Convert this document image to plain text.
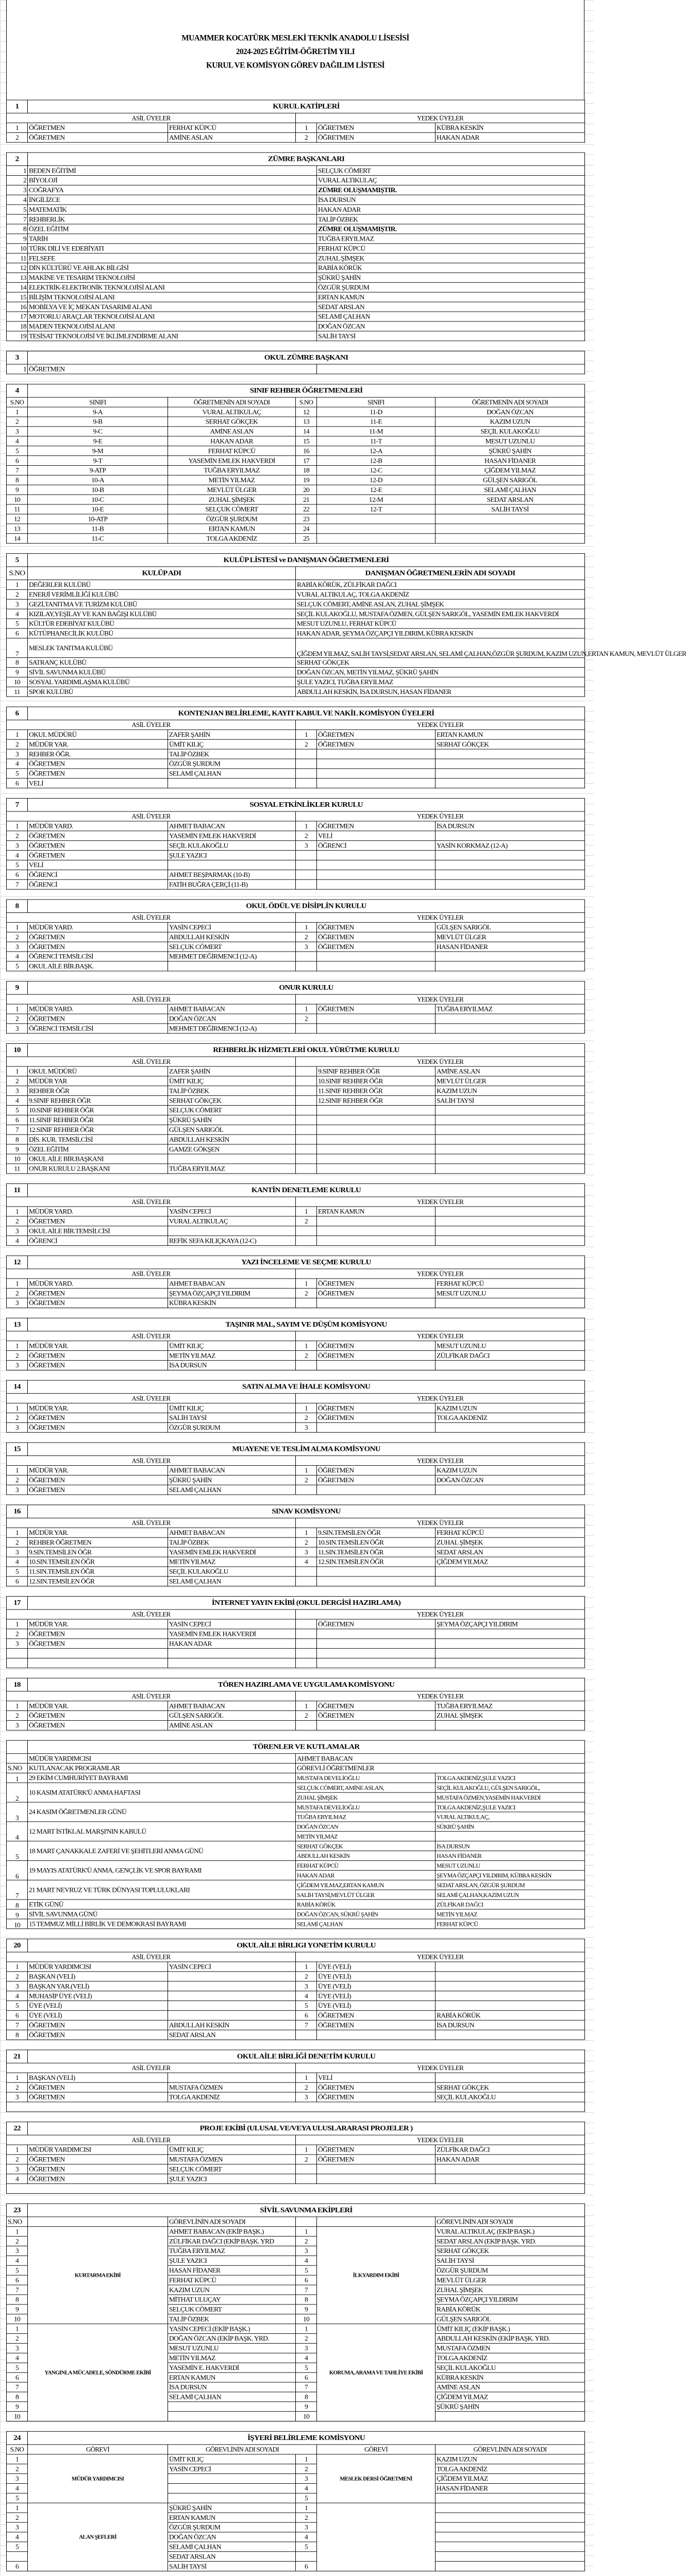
MUAMMER KOCATÜRK MESLEKİ TEKNİK ANADOLU LİSESİSİ
2024-2025 EĞİTİM-ÖĞRETİM YILI
KURUL VE KOMİSYON GÖREV DAĞILIM LİSTESİ
1	KURUL KATİPLERİ				
ASİL ÜYELER			YEDEK ÜYELER		
1	ÖĞRETMEN	FERHAT KÜPCÜ	1	ÖĞRETMEN	KÜBRA KESKİN
2	ÖĞRETMEN	AMİNE ASLAN	2	ÖĞRETMEN	HAKAN ADAR
2	ZÜMRE BAŞKANLARI	
1	BEDEN EĞİTİMİ	SELÇUK CÖMERT
2	BİYOLOJİ	VURAL ALTIKULAÇ
3	COĞRAFYA	ZÜMRE OLUŞMAMIŞTIR.
4	İNGİLİZCE	İSA DURSUN
5	MATEMATİK	HAKAN ADAR
7	REHBERLİK	TALİP ÖZBEK
8	ÖZEL EĞİTİM	ZÜMRE OLUŞMAMIŞTIR.
9	TARİH	TUĞBA ERYILMAZ
10	TÜRK DİLİ VE EDEBİYATI	FERHAT KÜPCÜ
11	FELSEFE	ZUHAL ŞİMŞEK
12	DİN KÜLTÜRÜ VE AHLAK BİLGİSİ	RABİA KÖRÜK
13	MAKİNE VE TESARIM TEKNOLOJİSİ	ŞÜKRÜ ŞAHİN
14	ELEKTRİK-ELEKTRONİK TEKNOLOJİSİ ALANI	ÖZGÜR ŞURDUM
15	BİLİŞİM TEKNOLOJİSİ ALANI	ERTAN KAMUN
16	MOBİLYA VE İÇ MEKAN TASARIMI ALANI	SEDAT ARSLAN
17	MOTORLU ARAÇLAR TEKNOLOJİSİ ALANI	SELAMİ ÇALHAN
18	MADEN TEKNOLOJİSİ ALANI	DOĞAN ÖZCAN
19	TESİSAT TEKNOLOJİSİ VE İKLİMLENDİRME ALANI	SALİH TAYSİ
3	OKUL ZÜMRE BAŞKANI	
1	ÖĞRETMEN	
4	SINIF REHBER ÖĞRETMENLERİ				
S.NO	SINIFI	ÖĞRETMENİN ADI SOYADI	S.NO	SINIFI	ÖĞRETMENİN ADI SOYADI
1	9-A	VURAL ALTIKULAÇ	12	11-D	DOĞAN ÖZCAN
2	9-B	SERHAT GÖKÇEK	13	11-E	KAZIM UZUN
3	9-C	AMİNE ASLAN	14	11-M	SEÇİL KULAKOĞLU
4	9-E	HAKAN ADAR	15	11-T	MESUT UZUNLU
5	9-M	FERHAT KÜPCÜ	16	12-A	ŞÜKRÜ ŞAHİN
6	9-T	YASEMİN EMLEK HAKVERDİ	17	12-B	HASAN FİDANER
7	9-ATP	TUĞBA ERYILMAZ	18	12-C	ÇİĞDEM YILMAZ
8	10-A	METİN YILMAZ	19	12-D	GÜLŞEN SARIGÖL
9	10-B	MEVLÜT ÜLGER	20	12-E	SELAMİ ÇALHAN
10	10-C	ZUHAL ŞİMŞEK	21	12-M	SEDAT ARSLAN
11	10-E	SELÇUK CÖMERT	22	12-T	SALİH TAYSİ
12	10-ATP	ÖZGÜR ŞURDUM	23		
13	11-B	ERTAN KAMUN	24		
14	11-C	TOLGA AKDENİZ	25		
5	KULÜP LİSTESİ ve DANIŞMAN ÖĞRETMENLERİ	
S.NO	KULÜP ADI	DANIŞMAN ÖĞRETMENLERİN ADI SOYADI
1	DEĞERLER KULÜBÜ	RABİA KÖRÜK, ZÜLFİKAR DAĞCI
2	ENERJİ VERİMLİLİĞİ KULÜBÜ	VURAL ALTIKULAÇ, TOLGA AKDENİZ
3	GEZİ,TANITMA VE TURİZM KULÜBÜ	SELÇUK CÖMERT, AMİNE ASLAN, ZUHAL ŞİMŞEK
4	KIZILAY,YEŞİLAY VE KAN BAĞIŞI KULÜBÜ	SEÇİL KULAKOĞLU, MUSTAFA ÖZMEN, GÜLŞEN SARIGÖL, YASEMİN EMLEK HAKVERDİ
5	KÜLTÜR EDEBİYAT KULÜBÜ	MESUT UZUNLU, FERHAT KÜPCÜ
6	KÜTÜPHANECİLİK KULÜBÜ	HAKAN ADAR, ŞEYMA ÖZÇAPÇI YILDIRIM, KÜBRA KESKİN
7	MESLEK TANITMA KULÜBÜ	ÇİĞDEM YILMAZ, SALİH TAYSİ,SEDAT ARSLAN, SELAMİ ÇALHAN,ÖZGÜR ŞURDUM, KAZIM UZUN,ERTAN KAMUN, MEVLÜT ÜLGER
8	SATRANÇ KULÜBÜ	SERHAT GÖKÇEK
9	SİVİL SAVUNMA KULÜBÜ	DOĞAN ÖZCAN, METİN YILMAZ, ŞÜKRÜ ŞAHİN
10	SOSYAL YARDIMLAŞMA KULÜBÜ	ŞULE YAZICI, TUĞBA ERYILMAZ
11	SPOR KULÜBÜ	ABDULLAH KESKİN, İSA DURSUN, HASAN FİDANER
6	KONTENJAN BELİRLEME, KAYIT KABUL VE NAKİL KOMİSYON ÜYELERİ				
ASİL ÜYELER			YEDEK ÜYELER		
1	OKUL MÜDÜRÜ	ZAFER ŞAHİN	1	ÖĞRETMEN	ERTAN KAMUN
2	MÜDÜR YAR.	ÜMİT KILIÇ	2	ÖĞRETMEN	SERHAT GÖKÇEK
3	REHBER ÖĞR.	TALİP ÖZBEK			
4	ÖĞRETMEN	ÖZGÜR ŞURDUM			
5	ÖĞRETMEN	SELAMİ ÇALHAN			
6	VELİ				
7	SOSYAL ETKİNLİKLER KURULU				
ASİL ÜYELER			YEDEK ÜYELER		
1	MÜDÜR YARD.	AHMET BABACAN	1	ÖĞRETMEN	İSA DURSUN
2	ÖĞRETMEN	YASEMİN EMLEK HAKVERDİ	2	VELİ	
3	ÖĞRETMEN	SEÇİL KULAKOĞLU	3	ÖĞRENCİ	YASİN KORKMAZ (12-A)
4	ÖĞRETMEN	ŞULE YAZICI			
5	VELİ				
6	ÖĞRENCİ	AHMET BEŞPARMAK (10-B)			
7	ÖĞRENCİ	FATİH BUĞRA ÇERÇİ (11-B)			
8	OKUL ÖDÜL VE DİSİPLİN KURULU				
ASİL ÜYELER			YEDEK ÜYELER		
1	MÜDÜR YARD.	YASİN CEPECİ	1	ÖĞRETMEN	GÜLŞEN SARIGÖL
2	ÖĞRETMEN	ABDULLAH KESKİN	2	ÖĞRETMEN	MEVLÜT ÜLGER
3	ÖĞRETMEN	SELÇUK CÖMERT	3	ÖĞRETMEN	HASAN FİDANER
4	ÖĞRENCİ TEMSİLCİSİ	MEHMET DEĞİRMENCİ (12-A)			
5	OKUL AİLE BİR.BAŞK.				
9	ONUR KURULU				
ASİL ÜYELER			YEDEK ÜYELER		
1	MÜDÜR YARD.	AHMET BABACAN	1	ÖĞRETMEN	TUĞBA ERYILMAZ
2	ÖĞRETMEN	DOĞAN ÖZCAN	2		
3	ÖĞRENCİ TEMSİLCİSİ	MEHMET DEĞİRMENCİ (12-A)			
10	REHBERLİK HİZMETLERİ OKUL YÜRÜTME KURULU				
ASİL ÜYELER			YEDEK ÜYELER		
1	OKUL MÜDÜRÜ	ZAFER ŞAHİN		9.SINIF REHBER ÖĞR	AMİNE ASLAN
2	MÜDÜR YAR	ÜMİT KILIÇ		10.SINIF REHBER ÖĞR	MEVLÜT ÜLGER
3	REHBER ÖĞR	TALİP ÖZBEK		11.SINIF REHBER ÖĞR	KAZIM UZUN
4	9.SINIF REHBER ÖĞR	SERHAT GÖKÇEK		12.SINIF REHBER ÖĞR	SALİH TAYSİ
5	10.SINIF REHBER ÖĞR	SELÇUK CÖMERT			
6	11.SINIF REHBER ÖĞR	ŞÜKRÜ ŞAHİN			
7	12.SINIF REHBER ÖĞR	GÜLŞEN SARIGÖL			
8	DİS. KUR. TEMSİLCİSİ	ABDULLAH KESKİN			
9	ÖZEL EĞİTİM	GAMZE GÖKŞEN			
10	OKUL AİLE BİR.BAŞKANI				
11	ONUR KURULU 2.BAŞKANI	TUĞBA ERYILMAZ			
11	KANTİN DENETLEME KURULU				
ASİL ÜYELER			YEDEK ÜYELER		
1	MÜDÜR YARD.	YASİN CEPECİ	1	ERTAN KAMUN	
2	ÖĞRETMEN	VURAL ALTIKULAÇ	2		
3	OKUL AİLE BİR.TEMSİLCİSİ				
4	ÖĞRENCİ	REFİK SEFA KILIÇKAYA (12-C)			
12	YAZI İNCELEME VE SEÇME KURULU				
ASİL ÜYELER			YEDEK ÜYELER		
1	MÜDÜR YARD.	AHMET BABACAN	1	ÖĞRETMEN	FERHAT KÜPCÜ
2	ÖĞRETMEN	ŞEYMA ÖZÇAPÇI YILDIRIM	2	ÖĞRETMEN	MESUT UZUNLU
3	ÖĞRETMEN	KÜBRA KESKİN			
13	TAŞINIR MAL, SAYIM VE DÜŞÜM KOMİSYONU				
ASİL ÜYELER			YEDEK ÜYELER		
1	MÜDÜR YAR.	ÜMİT KILIÇ	1	ÖĞRETMEN	MESUT UZUNLU
2	ÖĞRETMEN	METİN YILMAZ	2	ÖĞRETMEN	ZÜLFİKAR DAĞCI
3	ÖĞRETMEN	İSA DURSUN			
14	SATIN ALMA VE İHALE KOMİSYONU				
ASİL ÜYELER			YEDEK ÜYELER		
1	MÜDÜR YAR.	ÜMİT KILIÇ	1	ÖĞRETMEN	KAZIM UZUN
2	ÖĞRETMEN	SALİH TAYSİ	2	ÖĞRETMEN	TOLGA AKDENİZ
3	ÖĞRETMEN	ÖZGÜR ŞURDUM	3		
15	MUAYENE VE TESLİM ALMA KOMİSYONU				
ASİL ÜYELER			YEDEK ÜYELER		
1	MÜDÜR YAR.	AHMET BABACAN	1	ÖĞRETMEN	KAZIM UZUN
2	ÖĞRETMEN	ŞÜKRÜ ŞAHİN	2	ÖĞRETMEN	DOĞAN ÖZCAN
3	ÖĞRETMEN	SELAMİ ÇALHAN			
16	SINAV KOMİSYONU				
ASİL ÜYELER			YEDEK ÜYELER		
1	MÜDÜR YAR.	AHMET BABACAN	1	9.SIN.TEMSİLEN ÖĞR	FERHAT KÜPCÜ
2	REHBER ÖĞRETMEN	TALİP ÖZBEK	2	10.SIN.TEMSİLEN ÖĞR	ZUHAL ŞİMŞEK
3	9.SIN.TEMSİLEN ÖĞR	YASEMİN EMLEK HAKVERDİ	3	11.SIN.TEMSİLEN ÖĞR	SEDAT ARSLAN
4	10.SIN.TEMSİLEN ÖĞR	METİN YILMAZ	4	12.SIN.TEMSİLEN ÖĞR	ÇİĞDEM YILMAZ
5	11.SIN.TEMSİLEN ÖĞR	SEÇİL KULAKOĞLU			
6	12.SIN.TEMSİLEN ÖĞR	SELAMİ ÇALHAN			
17	İNTERNET YAYIN EKİBİ (OKUL DERGİSİ HAZIRLAMA)				
ASİL ÜYELER			YEDEK ÜYELER		
1	MÜDÜR YAR.	YASİN CEPECİ		ÖĞRETMEN	ŞEYMA ÖZÇAPÇI YILDIRIM
2	ÖĞRETMEN	YASEMİN EMLEK HAKVERDİ			
3	ÖĞRETMEN	HAKAN ADAR			

18	TÖREN HAZIRLAMA VE UYGULAMA KOMİSYONU				
ASİL ÜYELER			YEDEK ÜYELER		
1	MÜDÜR YAR.	AHMET BABACAN	1	ÖĞRETMEN	TUĞBA ERYILMAZ
2	ÖĞRETMEN	GÜLŞEN SARIGÖL	2	ÖĞRETMEN	ZUHAL ŞİMŞEK
3	ÖĞRETMEN	AMİNE ASLAN			
	TÖRENLER VE KUTLAMALAR		
	MÜDÜR YARDIMCISI	AHMET BABACAN	
S.NO	KUTLANACAK PROGRAMLAR	GÖREVLİ ÖĞRETMENLER	
1	29 EKİM CUMHURİYET BAYRAMI	MUSTAFA DEVELİOĞLU	TOLGA AKDENİZ,ŞULE YAZICI
2	10 KASIM ATATÜRK'Ü ANMA HAFTASI	SELÇUK CÖMERT, AMİNE ASLAN,	SEÇİL KULAKOĞLU, GÜLŞEN SARIGÖL,
		ZUHAL ŞİMŞEK	MUSTAFA ÖZMEN,YASEMİN HAKVERDİ
3	24 KASIM ÖĞRETMENLER GÜNÜ	MUSTAFA DEVELİOĞLU	TOLGA AKDENİZ,ŞULE YAZICI
		TUĞBA ERYILMAZ	VURAL ALTIKULAÇ,
4	12 MART İSTİKLAL MARŞI'NIN KABULÜ	DOĞAN ÖZCAN	SÜKRÜ ŞAHİN
		METİN YILMAZ	
5	18 MART ÇANAKKALE ZAFERİ VE ŞEHİTLERİ ANMA GÜNÜ	SERHAT GÖKÇEK	İSA DURSUN
		ABDULLAH KESKİN	HASAN FİDANER
6	19 MAYIS ATATÜRK'Ü ANMA, GENÇLİK VE SPOR BAYRAMI	FERHAT KÜPCÜ	MESUT UZUNLU
		HAKAN ADAR	ŞEYMA ÖZÇAPÇI YILDIRIM, KÜBRA KESKİN
7	21 MART NEVRUZ VE TÜRK DÜNYASI TOPLULUKLARI	ÇİĞDEM YILMAZ,ERTAN KAMUN	SEDAT ARSLAN, ÖZGÜR ŞURDUM
		SALİH TAYSİ,MEVLÜT ÜLGER	SELAMİ ÇALHAN,KAZIM UZUN
8	ETİK GÜNÜ	RABİA KÖRÜK	ZÜLFİKAR DAĞCI
9	SİVİL SAVUNMA GÜNÜ	DOĞAN ÖZCAN, SÜKRÜ ŞAHİN	METİN YILMAZ
10	15 TEMMUZ MİLLİ BİRLİK VE DEMOKRASİ BAYRAMI	SELAMİ ÇALHAN	FERHAT KÜPCÜ
20	OKUL AİLE BİRLIGI YONETİM KURULU				
ASİL ÜYELER			YEDEK ÜYELER		
1	MÜDÜR YARDIMCISI	YASİN CEPECİ	1	ÜYE (VELİ)	
2	BAŞKAN (VELİ)		2	ÜYE (VELİ)	
3	BAŞKAN YAR.(VELİ)		3	ÜYE (VELİ)	
4	MUHASİP ÜYE (VELİ)		4	ÜYE (VELİ)	
5	ÜYE (VELİ)		5	ÜYE (VELİ)	
6	ÜYE (VELİ)		6	ÖĞRETMEN	RABİA KÖRÜK
7	ÖĞRETMEN	ABDULLAH KESKİN	7	ÖĞRETMEN	İSA DURSUN
8	ÖĞRETMEN	SEDAT ARSLAN			
21	OKUL AİLE BİRLİĞİ DENETİM KURULU				
ASİL ÜYELER			YEDEK ÜYELER		
1	BAŞKAN (VELİ)		1	VELİ	
2	ÖĞRETMEN	MUSTAFA ÖZMEN	2	ÖĞRETMEN	SERHAT GÖKÇEK
3	ÖĞRETMEN	TOLGA AKDENİZ	3	ÖĞRETMEN	SEÇİL KULAKOĞLU

22	PROJE EKİBİ (ULUSAL VE/VEYA ULUSLARARASI PROJELER )				
ASİL ÜYELER			YEDEK ÜYELER		
1	MÜDÜR YARDIMCISI	ÜMİT KILIÇ	1	ÖĞRETMEN	ZÜLFİKAR DAĞCI
2	ÖĞRETMEN	MUSTAFA ÖZMEN	2	ÖĞRETMEN	HAKAN ADAR
3	ÖĞRETMEN	SELÇUK CÖMERT			
4	ÖĞRETMEN	ŞULE YAZICI			

23	SİVİL SAVUNMA EKİPLERİ				
S.NO		GÖREVLİNİN ADI SOYADI			GÖREVLİNİN ADI SOYADI
1	KURTARMA EKİBİ	AHMET BABACAN (EKİP BAŞK.)	1	İLKYARDIM EKİBİ	VURAL ALTIKULAÇ (EKİP BAŞK.)
2		ZÜLFİKAR DAĞCI (EKİP BAŞK. YRD	2		SEDAT ARSLAN (EKİP BAŞK. YRD.
3		TUĞBA ERYILMAZ	3		SERHAT GÖKÇEK
4		ŞULE YAZICI	4		SALİH TAYSİ
5		HASAN FİDANER	5		ÖZGÜR ŞURDUM
6		FERHAT KÜPCÜ	6		MEVLÜT ÜLGER
7		KAZIM UZUN	7		ZUHAL ŞİMŞEK
8		MİTHAT ULUÇAY	8		ŞEYMA ÖZÇAPÇI YILDIRIM
9		SELÇUK CÖMERT	9		RABİA KÖRÜK
10		TALİP ÖZBEK	10		GÜLŞEN SARIGÖL
1	YANGINLA MÜCADELE, SÖNDÜRME EKİBİ	YASİN CEPECİ (EKİP BAŞK.)	1	KORUMA, ARAMA VE TAHLİYE EKİBİ	ÜMİT KILIÇ (EKİP BAŞK.)
2		DOĞAN ÖZCAN (EKİP BAŞK. YRD.	2		ABDULLAH KESKİN (EKİP BAŞK. YRD.
3		MESUT UZUNLU	3		MUSTAFA ÖZMEN
4		METİN YILMAZ	4		TOLGA AKDENİZ
5		YASEMİN E. HAKVERDİ	5		SEÇİL KULAKOĞLU
6		ERTAN KAMUN	6		KÜBRA KESKİN
7		İSA DURSUN	7		AMİNE ASLAN
8		SELAMİ ÇALHAN	8		ÇİĞDEM YILMAZ
9			9		ŞÜKRÜ ŞAHİN
10			10		
24	İŞYERİ BELİRLEME KOMİSYONU				
S.NO	GÖREVİ	GÖREVLİNİN ADI SOYADI		GÖREVİ	GÖREVLİNİN ADI SOYADI
1	MÜDÜR YARDIMCISI	ÜMİT KILIÇ	1	MESLEK DERSİ ÖĞRETMENİ	KAZIM UZUN
2		YASİN CEPECİ	2		TOLGA AKDENİZ
3			3		ÇİĞDEM YILMAZ
4			4		HASAN FİDANER
5			5		
1	ALAN ŞEFLERİ	ŞÜKRÜ ŞAHİN	1		
2		ERTAN KAMUN	2		
3		ÖZGÜR ŞURDUM	3		
4		DOĞAN ÖZCAN	4		
5		SELAMİ ÇALHAN	5		
		SEDAT ARSLAN			
6		SALİH TAYSİ	6		
